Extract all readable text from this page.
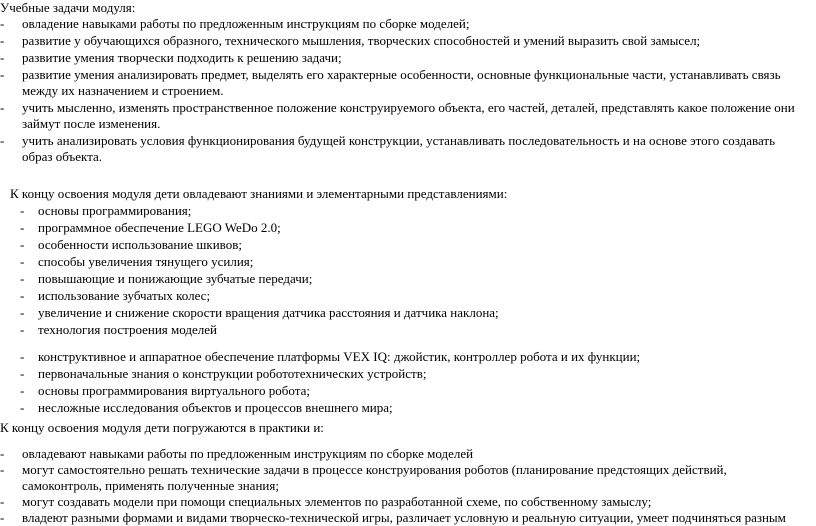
Учебные задачи модуля:
- овладение навыками работы по предложенным инструкциям по сборке моделей;
- развитие у обучающихся образного, технического мышления, творческих способностей и умений выразить свой замысел;
- развитие умения творчески подходить к решению задачи;
- развитие умения анализировать предмет, выделять его характерные особенности, основные функциональные части, устанавливать связь
между их назначением и строением.
- учить мысленно, изменять пространственное положение конструируемого объекта, его частей, деталей, представлять какое положение они
займут после изменения.
- учить анализировать условия функционирования будущей конструкции, устанавливать последовательность и на основе этого создавать
образ объекта.
К концу освоения модуля дети овладевают знаниями и элементарными представлениями:
- основы программирования;
- программное обеспечение LEGO WeDo 2.0;
- особенности использование шкивов;
- способы увеличения тянущего усилия;
- повышающие и понижающие зубчатые передачи;
- использование зубчатых колес;
- увеличение и снижение скорости вращения датчика расстояния и датчика наклона;
- технология построения моделей
- конструктивное и аппаратное обеспечение платформы VEX IQ: джойстик, контроллер робота и их функции;
- первоначальные знания о конструкции робототехнических устройств;
- основы программирования виртуального робота;
- несложные исследования объектов и процессов внешнего мира;
К концу освоения модуля дети погружаются в практики и:
- овладевают навыками работы по предложенным инструкциям по сборке моделей
- могут самостоятельно решать технические задачи в процессе конструирования роботов (планирование предстоящих действий,
самоконтроль, применять полученные знания;
- могут создавать модели при помощи специальных элементов по разработанной схеме, по собственному замыслу;
- владеют разными формами и видами творческо-технической игры, различает условную и реальную ситуации, умеет подчиняться разным
